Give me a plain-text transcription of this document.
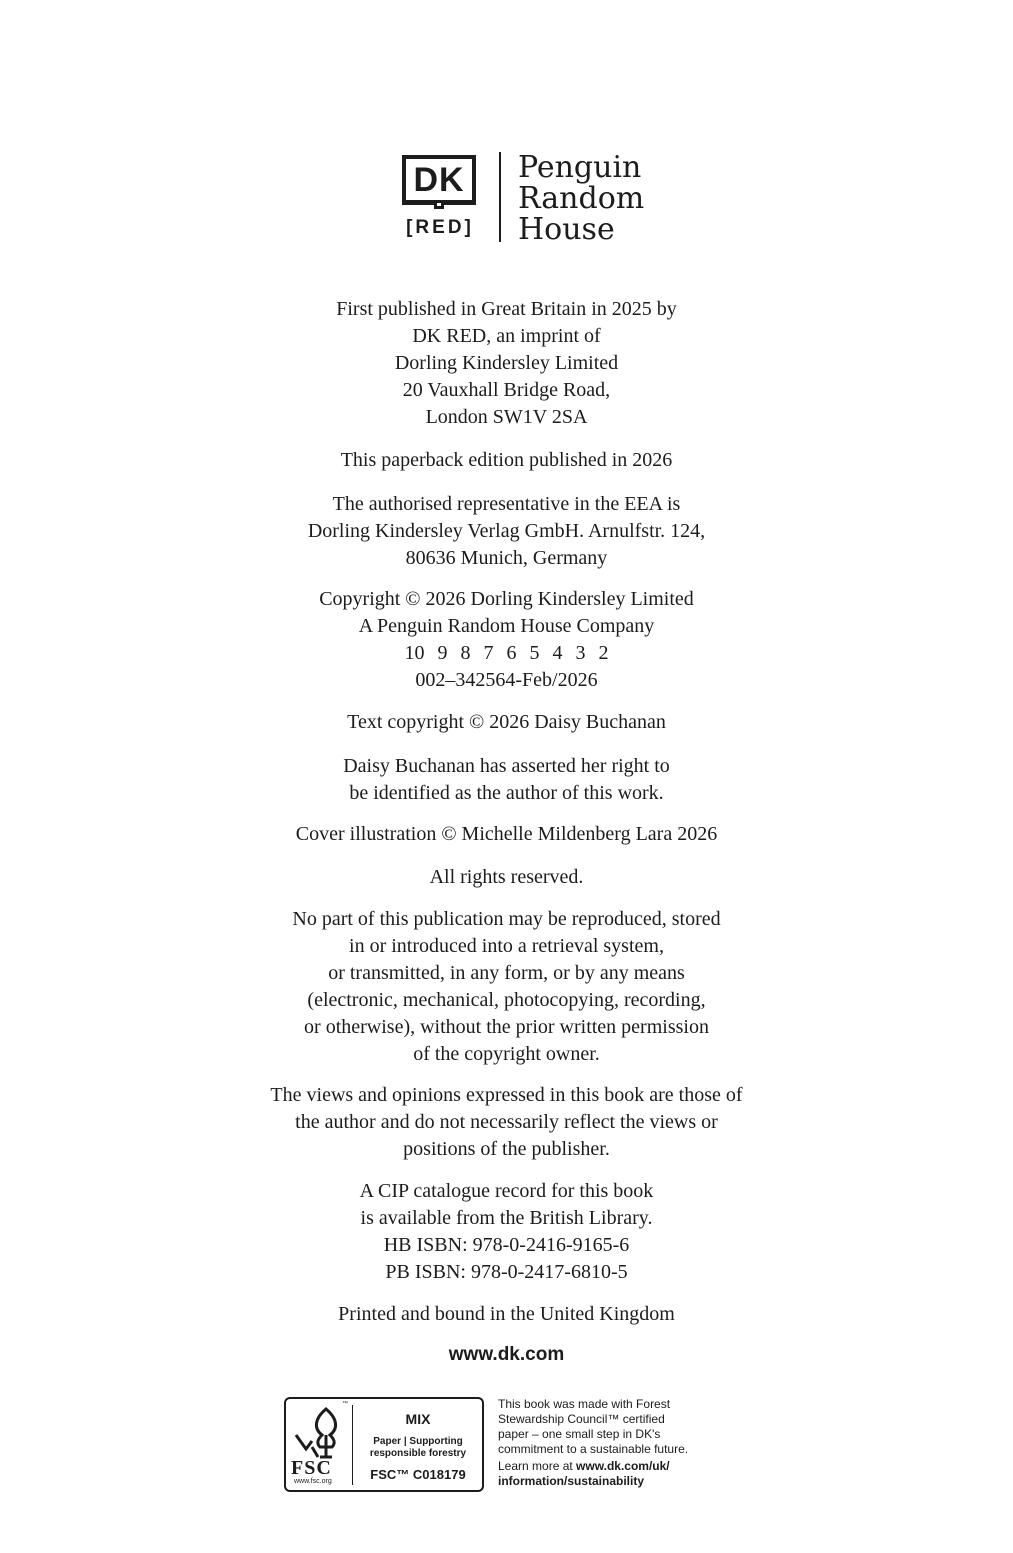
DK
[RED]
Penguin
Random
House
First published in Great Britain in 2025 by
DK RED, an imprint of
Dorling Kindersley Limited
20 Vauxhall Bridge Road,
London SW1V 2SA
This paperback edition published in 2026
The authorised representative in the EEA is
Dorling Kindersley Verlag GmbH. Arnulfstr. 124,
80636 Munich, Germany
Copyright © 2026 Dorling Kindersley Limited
A Penguin Random House Company
10 9 8 7 6 5 4 3 2
002–342564-Feb/2026
Text copyright © 2026 Daisy Buchanan
Daisy Buchanan has asserted her right to
be identified as the author of this work.
Cover illustration © Michelle Mildenberg Lara 2026
All rights reserved.
No part of this publication may be reproduced, stored
in or introduced into a retrieval system,
or transmitted, in any form, or by any means
(electronic, mechanical, photocopying, recording,
or otherwise), without the prior written permission
of the copyright owner.
The views and opinions expressed in this book are those of
the author and do not necessarily reflect the views or
positions of the publisher.
A CIP catalogue record for this book
is available from the British Library.
HB ISBN: 978-0-2416-9165-6
PB ISBN: 978-0-2417-6810-5
Printed and bound in the United Kingdom
www.dk.com
™
FSC
www.fsc.org
MIX
Paper | Supporting
responsible forestry
FSC™ C018179
This book was made with Forest
Stewardship Council™ certified
paper – one small step in DK's
commitment to a sustainable future.
Learn more at www.dk.com/uk/
information/sustainability
